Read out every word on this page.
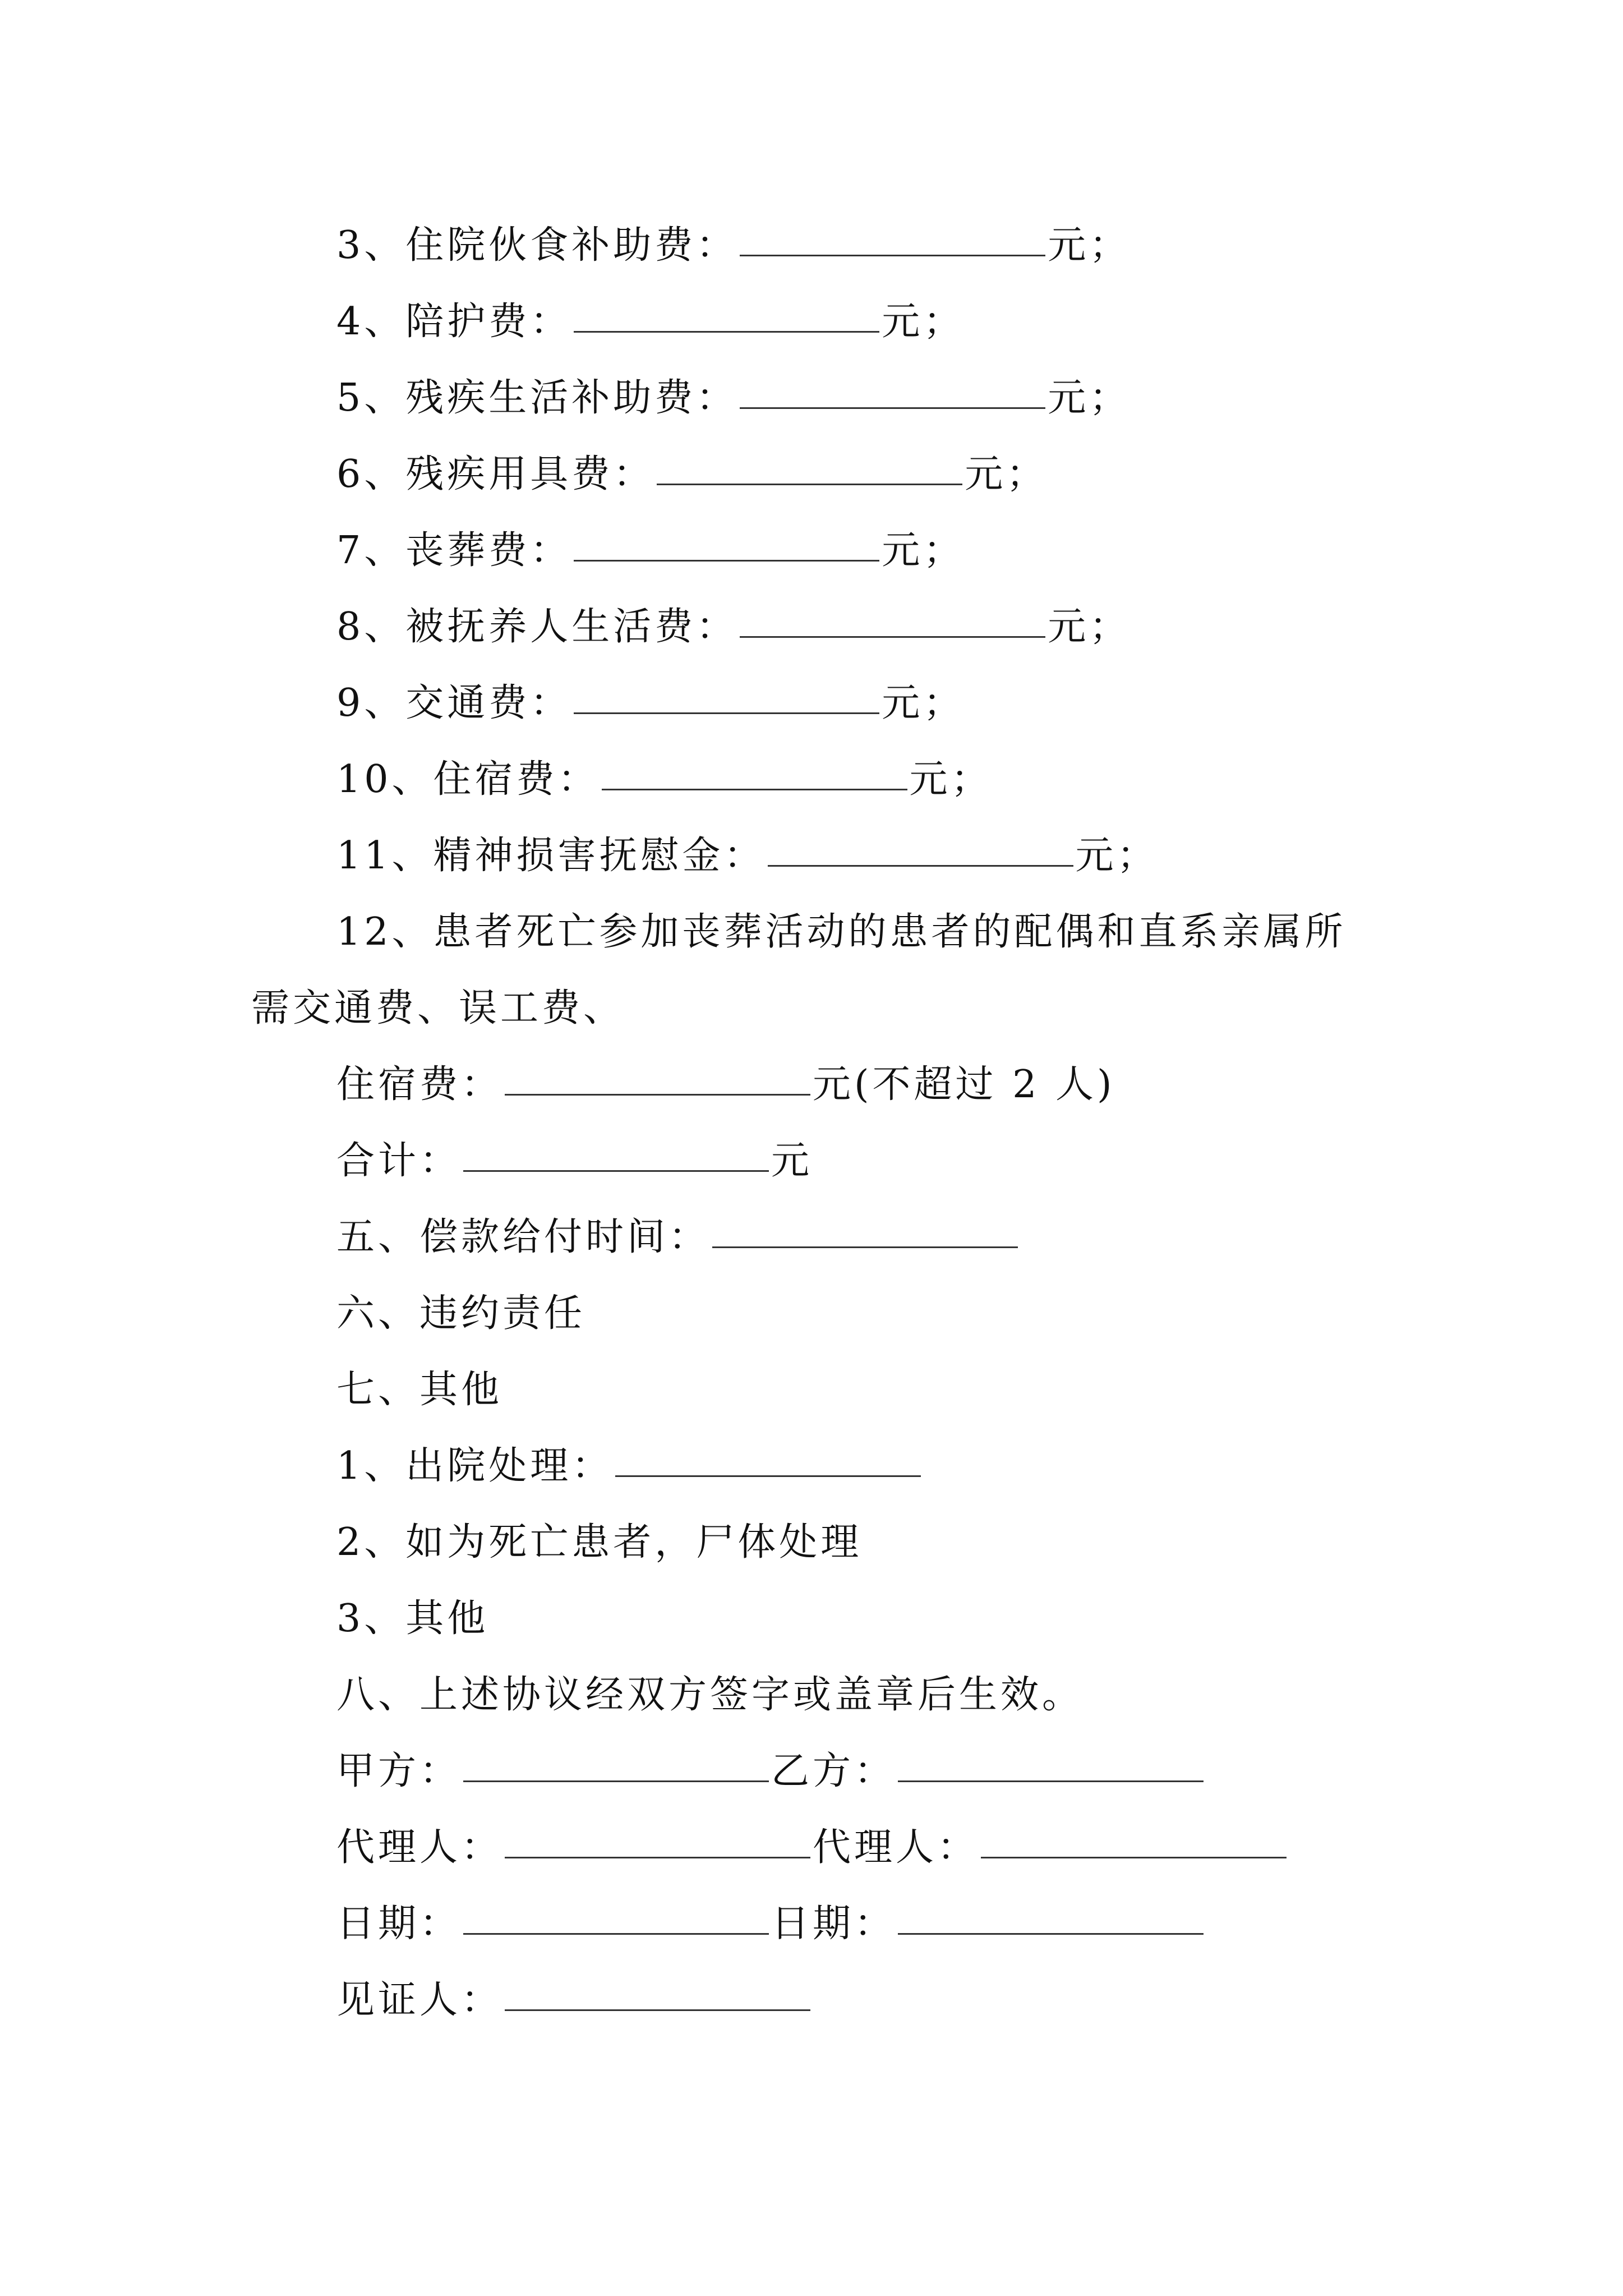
3、住院伙食补助费：	元；
4、陪护费：	元；
5、残疾生活补助费：	元；
6、残疾用具费：	元；
7、丧葬费：	元；
8、被抚养人生活费：	元；
9、交通费：	元；
10、住宿费：	元；
11、精神损害抚慰金：	元；
12、患者死亡参加丧葬活动的患者的配偶和直系亲属所
需交通费、误工费、
住宿费：	元(不超过 2 人)
合计：	元
五、偿款给付时间：
六、违约责任
七、其他
1、出院处理：
2、如为死亡患者，尸体处理
3、其他
八、上述协议经双方签字或盖章后生效。
甲方：	乙方：
代理人：	代理人：
日期：	日期：
见证人：
